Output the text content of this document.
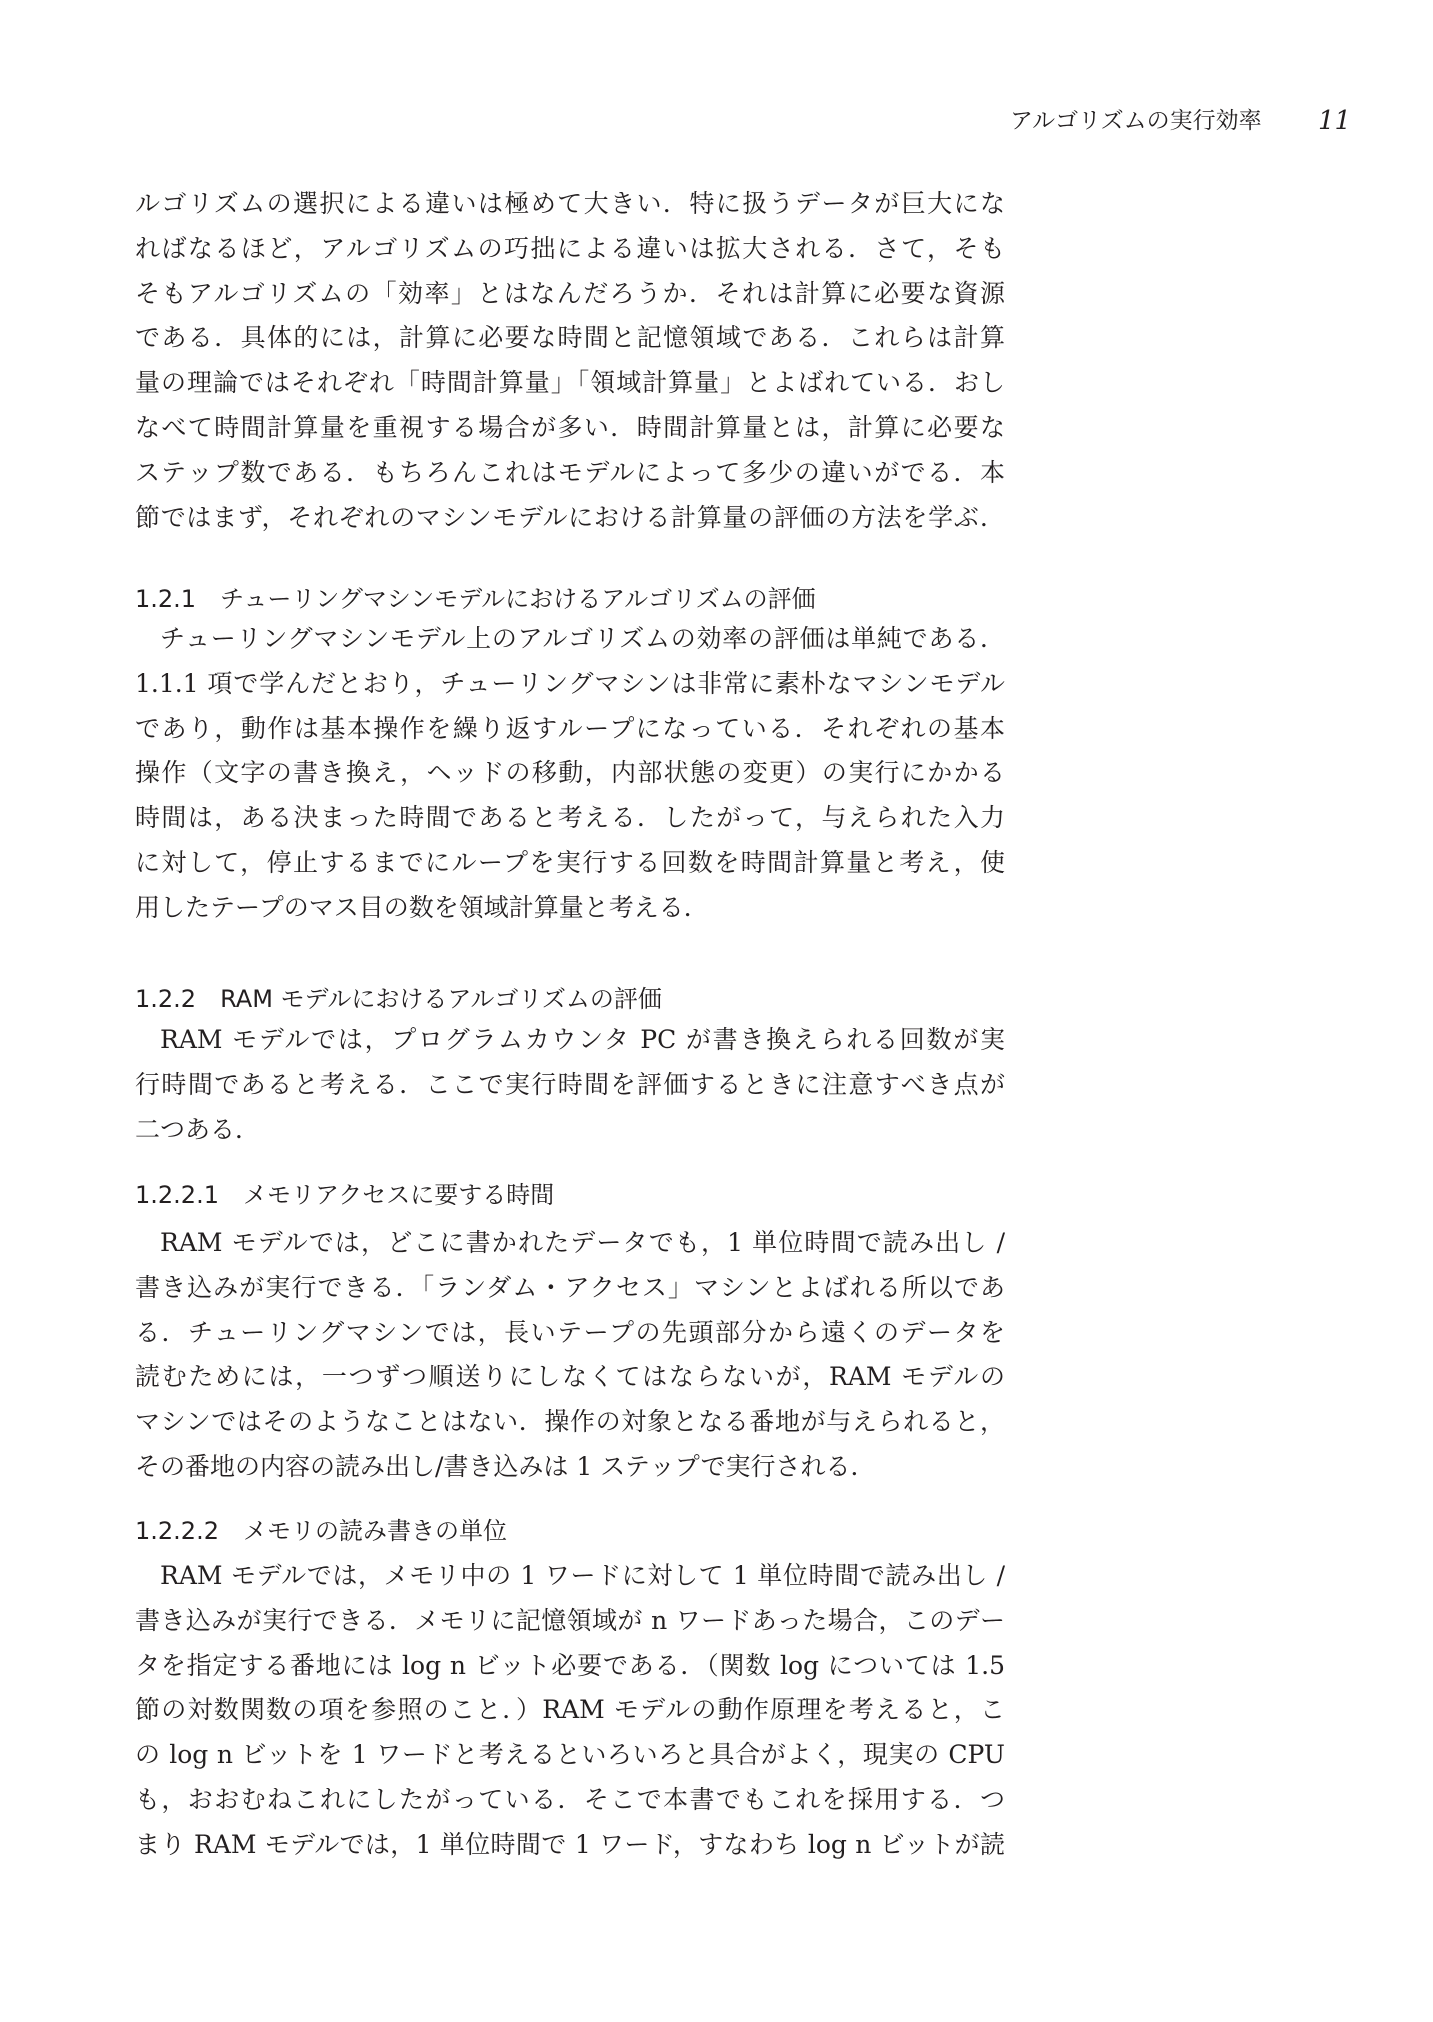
アルゴリズムの実行効率 11
ルゴリズムの選択による違いは極めて大きい．特に扱うデータが巨大にな
ればなるほど，アルゴリズムの巧拙による違いは拡大される．さて，そも
そもアルゴリズムの「効率」とはなんだろうか．それは計算に必要な資源
である．具体的には，計算に必要な時間と記憶領域である．これらは計算
量の理論ではそれぞれ「時間計算量」「領域計算量」とよばれている．おし
なべて時間計算量を重視する場合が多い．時間計算量とは，計算に必要な
ステップ数である．もちろんこれはモデルによって多少の違いがでる．本
節ではまず，それぞれのマシンモデルにおける計算量の評価の方法を学ぶ．
1.2.1 チューリングマシンモデルにおけるアルゴリズムの評価
チューリングマシンモデル上のアルゴリズムの効率の評価は単純である．
1.1.1 項で学んだとおり，チューリングマシンは非常に素朴なマシンモデル
であり，動作は基本操作を繰り返すループになっている．それぞれの基本
操作（文字の書き換え，ヘッドの移動，内部状態の変更）の実行にかかる
時間は，ある決まった時間であると考える．したがって，与えられた入力
に対して，停止するまでにループを実行する回数を時間計算量と考え，使
用したテープのマス目の数を領域計算量と考える．
1.2.2 RAM モデルにおけるアルゴリズムの評価
RAM モデルでは，プログラムカウンタ PC が書き換えられる回数が実
行時間であると考える．ここで実行時間を評価するときに注意すべき点が
二つある．
1.2.2.1 メモリアクセスに要する時間
RAM モデルでは，どこに書かれたデータでも，1 単位時間で読み出し /
書き込みが実行できる．「ランダム・アクセス」マシンとよばれる所以であ
る．チューリングマシンでは，長いテープの先頭部分から遠くのデータを
読むためには，一つずつ順送りにしなくてはならないが，RAM モデルの
マシンではそのようなことはない．操作の対象となる番地が与えられると，
その番地の内容の読み出し/書き込みは 1 ステップで実行される．
1.2.2.2 メモリの読み書きの単位
RAM モデルでは，メモリ中の 1 ワードに対して 1 単位時間で読み出し /
書き込みが実行できる．メモリに記憶領域が n ワードあった場合，このデー
タを指定する番地には log n ビット必要である．（関数 log については 1.5
節の対数関数の項を参照のこと．）RAM モデルの動作原理を考えると，こ
の log n ビットを 1 ワードと考えるといろいろと具合がよく，現実の CPU
も，おおむねこれにしたがっている．そこで本書でもこれを採用する．つ
まり RAM モデルでは，1 単位時間で 1 ワード，すなわち log n ビットが読
